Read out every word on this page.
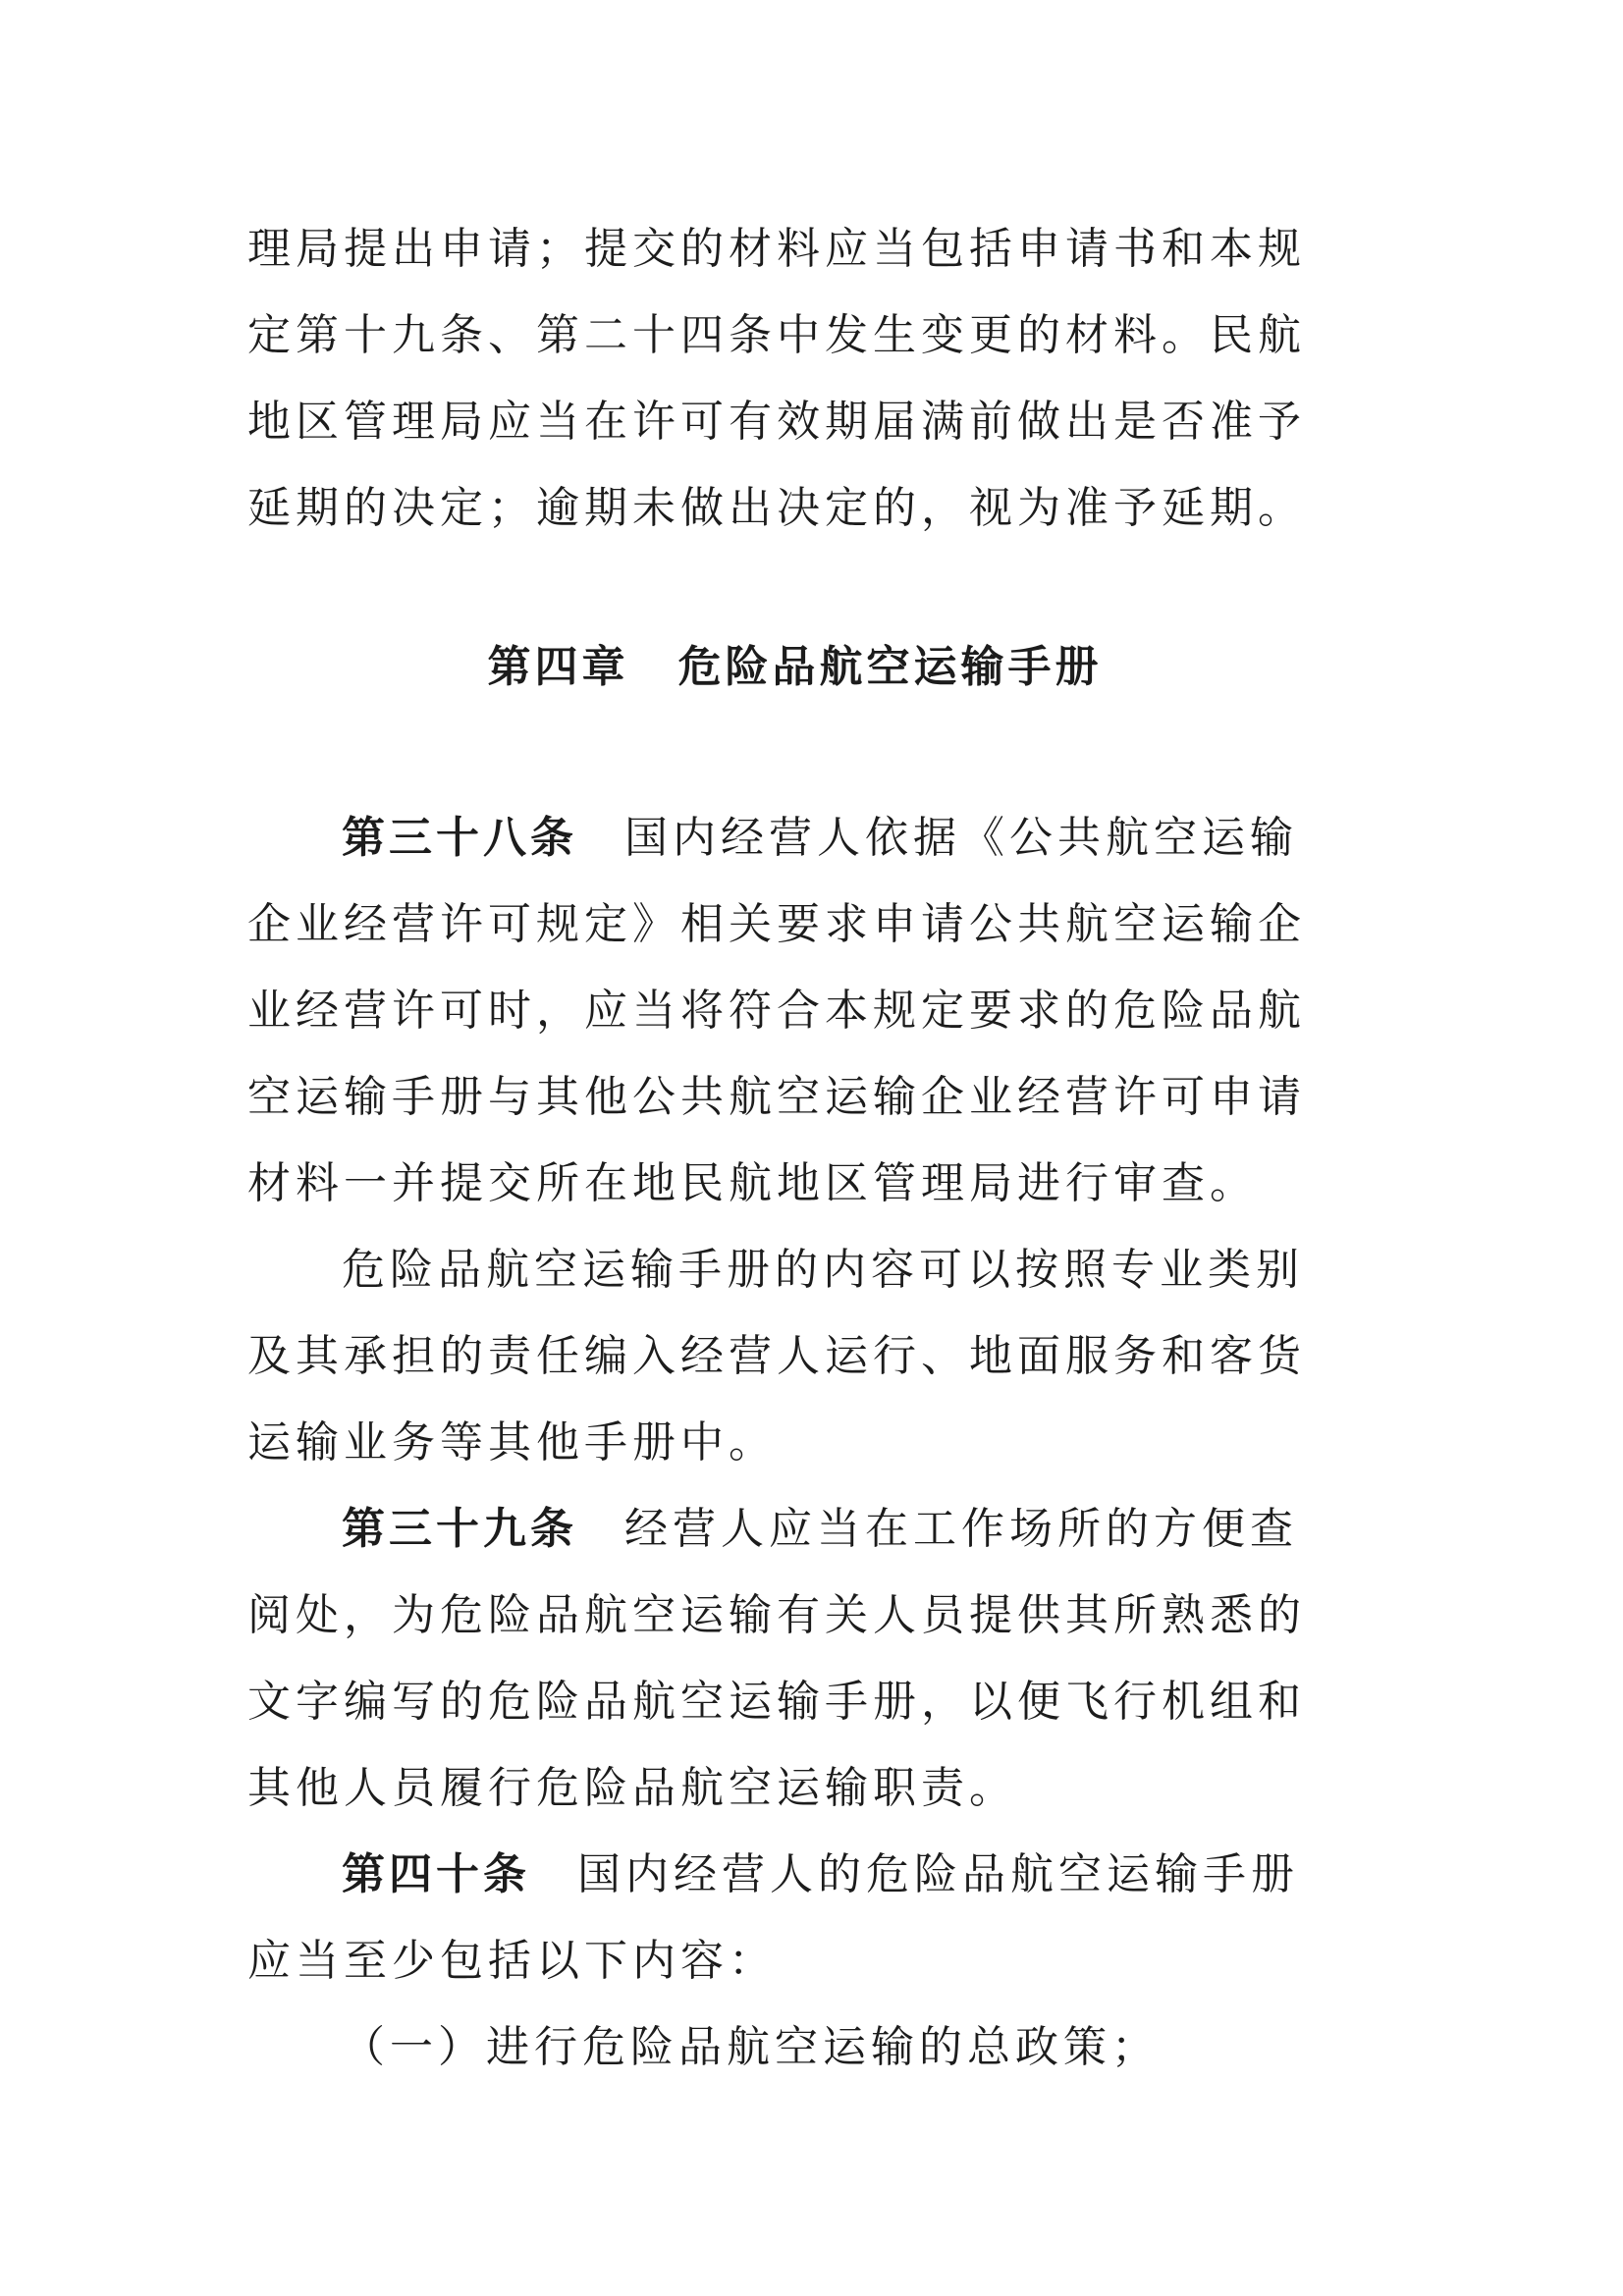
理局提出申请；提交的材料应当包括申请书和本规定第十九条、第二十四条中发生变更的材料。民航地区管理局应当在许可有效期届满前做出是否准予延期的决定；逾期未做出决定的，视为准予延期。

第四章 危险品航空运输手册

第三十八条 国内经营人依据《公共航空运输企业经营许可规定》相关要求申请公共航空运输企业经营许可时，应当将符合本规定要求的危险品航空运输手册与其他公共航空运输企业经营许可申请材料一并提交所在地民航地区管理局进行审查。

危险品航空运输手册的内容可以按照专业类别及其承担的责任编入经营人运行、地面服务和客货运输业务等其他手册中。

第三十九条 经营人应当在工作场所的方便查阅处，为危险品航空运输有关人员提供其所熟悉的文字编写的危险品航空运输手册，以便飞行机组和其他人员履行危险品航空运输职责。

第四十条 国内经营人的危险品航空运输手册应当至少包括以下内容：

（一）进行危险品航空运输的总政策；
